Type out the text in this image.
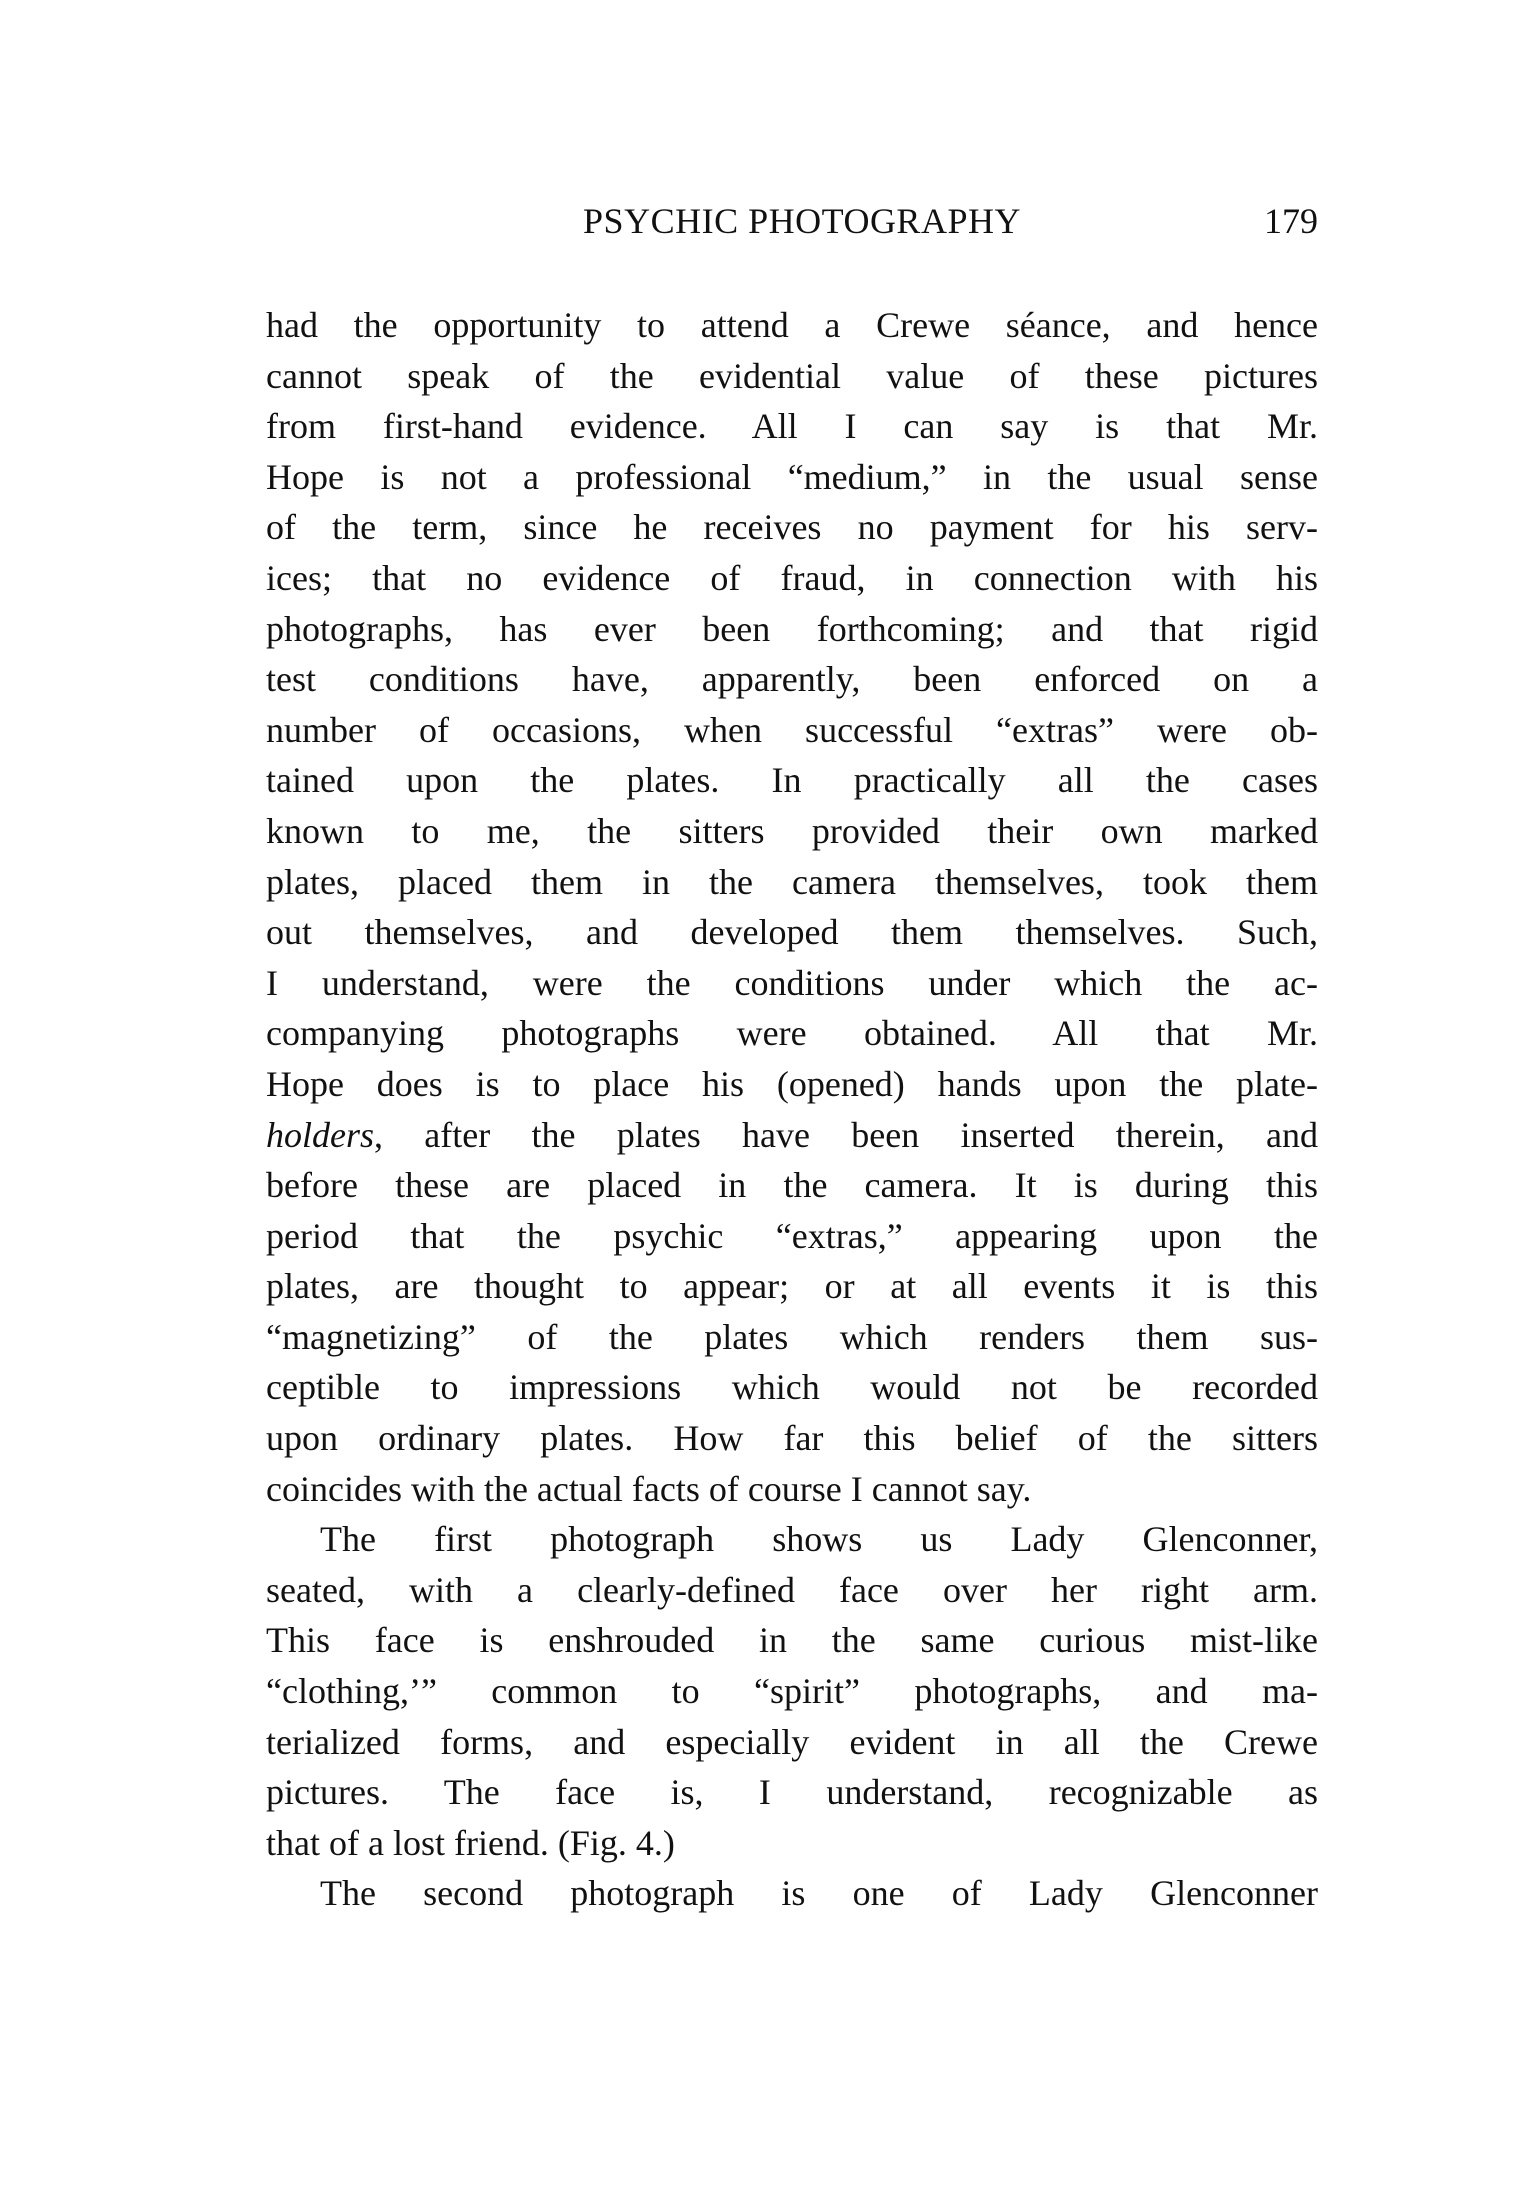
PSYCHIC PHOTOGRAPHY	179
had the opportunity to attend a Crewe séance, and hence
cannot speak of the evidential value of these pictures
from first-hand evidence. All I can say is that Mr.
Hope is not a professional “medium,” in the usual sense
of the term, since he receives no payment for his serv-
ices; that no evidence of fraud, in connection with his
photographs, has ever been forthcoming; and that rigid
test conditions have, apparently, been enforced on a
number of occasions, when successful “extras” were ob-
tained upon the plates. In practically all the cases
known to me, the sitters provided their own marked
plates, placed them in the camera themselves, took them
out themselves, and developed them themselves. Such,
I understand, were the conditions under which the ac-
companying photographs were obtained. All that Mr.
Hope does is to place his (opened) hands upon the plate-
holders, after the plates have been inserted therein, and
before these are placed in the camera. It is during this
period that the psychic “extras,” appearing upon the
plates, are thought to appear; or at all events it is this
“magnetizing” of the plates which renders them sus-
ceptible to impressions which would not be recorded
upon ordinary plates. How far this belief of the sitters
coincides with the actual facts of course I cannot say.
The first photograph shows us Lady Glenconner,
seated, with a clearly-defined face over her right arm.
This face is enshrouded in the same curious mist-like
“clothing,’” common to “spirit” photographs, and ma-
terialized forms, and especially evident in all the Crewe
pictures. The face is, I understand, recognizable as
that of a lost friend. (Fig. 4.)
The second photograph is one of Lady Glenconner
